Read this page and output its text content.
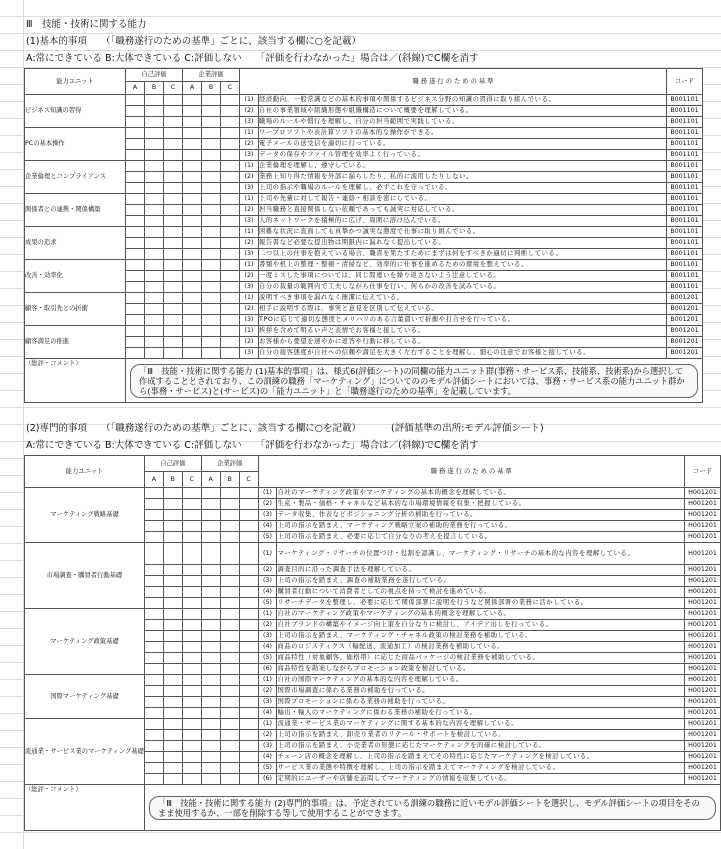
Ⅲ　技能・技術に関する能力
(1)基本的事項 （「職務遂行のための基準」ごとに、該当する欄に○を記載）
A:常にできている B:大体できている C:評価しない 「評価を行わなかった」場合は／(斜線)でC欄を消す
能力ユニット	自己評価			企業評価			職 務 遂 行 の た め の 基 準		コード
	A	B	C	A	B	C			
ビジネス知識の習得							(1)	経済動向、一般常識などの基本的事項や関係するビジネス分野の知識の習得に取り組んでいる。	B001101
							(2)	自社の事業領域や組織形態や組織構造について概要を理解している。	B001101
							(3)	職場のルールや慣行を理解し、自分の担当範囲で実践している。	B001101
PCの基本操作							(1)	ワープロソフトや表計算ソフトの基本的な操作ができる。	B001101
							(2)	電子メールの送受信を適切に行っている。	B001101
							(3)	データの保存やファイル管理を効率よく行っている。	B001101
企業倫理とコンプライアンス							(1)	企業倫理を理解し、遵守している。	B001101
							(2)	業務上知り得た情報を外部に漏らしたり、私的に流用したりしない。	B001101
							(3)	上司の指示や職場のルールを理解し、必ずこれを守っている。	B001101
関係者との連携・関係構築							(1)	上司や先輩に対して報告・連絡・相談を密にしている。	B001101
							(2)	担当職務と直接関係しない依頼であっても誠実に対応している。	B001101
							(3)	人的ネットワークを積極的に広げ、周囲に溶け込んでいる。	B001101
成果の追求							(1)	困難な状況に直面しても真摯かつ誠実な態度で仕事に取り組んでいる。	B001101
							(2)	報告書など必要な提出物は期限内に漏れなく提出している。	B001101
							(3)	二つ以上の仕事を抱えている場合、職責を果たすためにまずは何をすべきか適切に判断している。	B001101
改善・効率化							(1)	書類や机上の整理・整頓・清掃など、効率的に仕事を進めるための環境を整えている。	B001101
							(2)	一度ミスした事項については、同じ間違いを繰り返さないよう注意している。	B001101
							(3)	自分の裁量の範囲内で工夫しながら仕事を行い、何らかの改善を試みている。	B001101
顧客・取引先との折衝							(1)	説明すべき事項を漏れなく簡潔に伝えている。	B001201
							(2)	相手に説明する際は、事実と意見を区別して伝えている。	B001201
							(3)	TPOに応じて適切な態度とメリハリのある言葉遣いで折衝や打合せを行っている。	B001201
顧客満足の推進							(1)	挨拶を含めて明るい声と表情でお客様と接している。	B001201
							(2)	お客様から要望を速やかに返答や行動に移している。	B001201
							(3)	自分の接客態度が自社への信頼や満足を大きく左右することを理解し、細心の注意でお客様と接している。	B001201
（総評・コメント）	「Ⅲ　技能・技術に関する能力 (1)基本的事項」は、様式6(評価シート)の同欄の能力ユニット群(事務・サービス系、技能系、技術系)から選択して作成することとされており、この訓練の職務「マーケティング」についてののモデル評価シートにおいては、事務・サービス系の能力ユニット群から(事務・サービス)と(サービス)の「能力ユニット」と「職務遂行のための基準」を記載しています。								
(2)専門的事項 （「職務遂行のための基準」ごとに、該当する欄に○を記載）	(評価基準の出所:モデル評価シート)
A:常にできている B:大体できている C:評価しない 「評価を行わなかった」場合は／(斜線)でC欄を消す
能力ユニット	自己評価			企業評価			職 務 遂 行 の た め の 基 準		コード
	A	B	C	A	B	C			
マーケティング戦略基礎							(1)	自社のマーケティング政策やマーケティングの基本的概念を理解している。	H001201
							(2)	生産・製品・価格・チャネルなど基本的な市場環境情報を収集・把握している。	H001201
							(3)	データ収集、作表などポジショニング分析の補助を行っている。	H001201
							(4)	上司の指示を踏まえ、マーケティング戦略立案の補助的業務を行っている。	H001201
							(5)	上司の指示を踏まえ、必要に応じて自分なりの考えを提言している。	H001201
市場調査・購買者行動基礎							(1)	マーケティング・リサーチの位置づけ・役割を認識し、マーケティング・リサーチの基本的な内容を理解している。	H001201
							(2)	調査目的に沿った調査手法を理解している。	H001201
							(3)	上司の指示を踏まえ、調査の補助業務を遂行している。	H001201
							(4)	購買者行動について消費者としての視点を持って検討を進めている。	H001201
							(5)	リサーチデータを整理し、必要に応じて関係部署に説明を行うなど関係部署の業務に活かしている。	H001201
マーケティング政策基礎							(1)	自社のマーケティング政策やマーケティングの基本的概念を理解している。	H001201
							(2)	自社ブランドの構築やイメージ向上策を自分なりに検討し、アイデア出しを行っている。	H001201
							(3)	上司の指示を踏まえ、マーケティング・チャネル政策の検討業務を補助している。	H001201
							(4)	商品のロジスティクス（輸配送、流通加工）の検討業務を補助している。	H001201
							(5)	商品特性（対象顧客、価格帯）に応じた商品パッケージの検討業務を補助している。	H001201
							(6)	商品特性を勘案しながらプロモーション政策を検討している。	H001201
国際マーケティング基礎							(1)	自社の国際マーケティングの基本的な内容を理解している。	H001201
							(2)	国際市場調査に係わる業務の補助を行っている。	H001201
							(3)	国際プロモーションに係わる業務の補助を行っている。	H001201
							(4)	輸出・輸入のマーケティングに係わる業務の補助を行っている。	H001201
流通業・サービス業のマーケティング基礎							(1)	流通業・サービス業のマーケティングに関する基本的な内容を理解している。	H001201
							(2)	上司の指示を踏まえ、卸売り業者のリテール・サポートを検討している。	H001201
							(3)	上司の指示を踏まえ、小売業者の形態に応じたマーケティングを的確に検討している。	H001201
							(4)	チェーン店の概念を理解し、上司の指示を踏まえてその特性に応じたマーケティングを検討している。	H001201
							(5)	サービス業の業態や特徴を理解し、上司の指示を踏まえてマーケティングを検討している。	H001201
							(6)	定期的にユーザーや店舗を訪問してマーケティングの情報を収集している。	H001201
（総評・コメント）	「Ⅲ　技能・技術に関する能力 (2)専門的事項」は、予定されている訓練の職務に近いモデル評価シートを選択し、モデル評価シートの項目をそのまま使用するか、一部を削除する等して使用することができます。								
